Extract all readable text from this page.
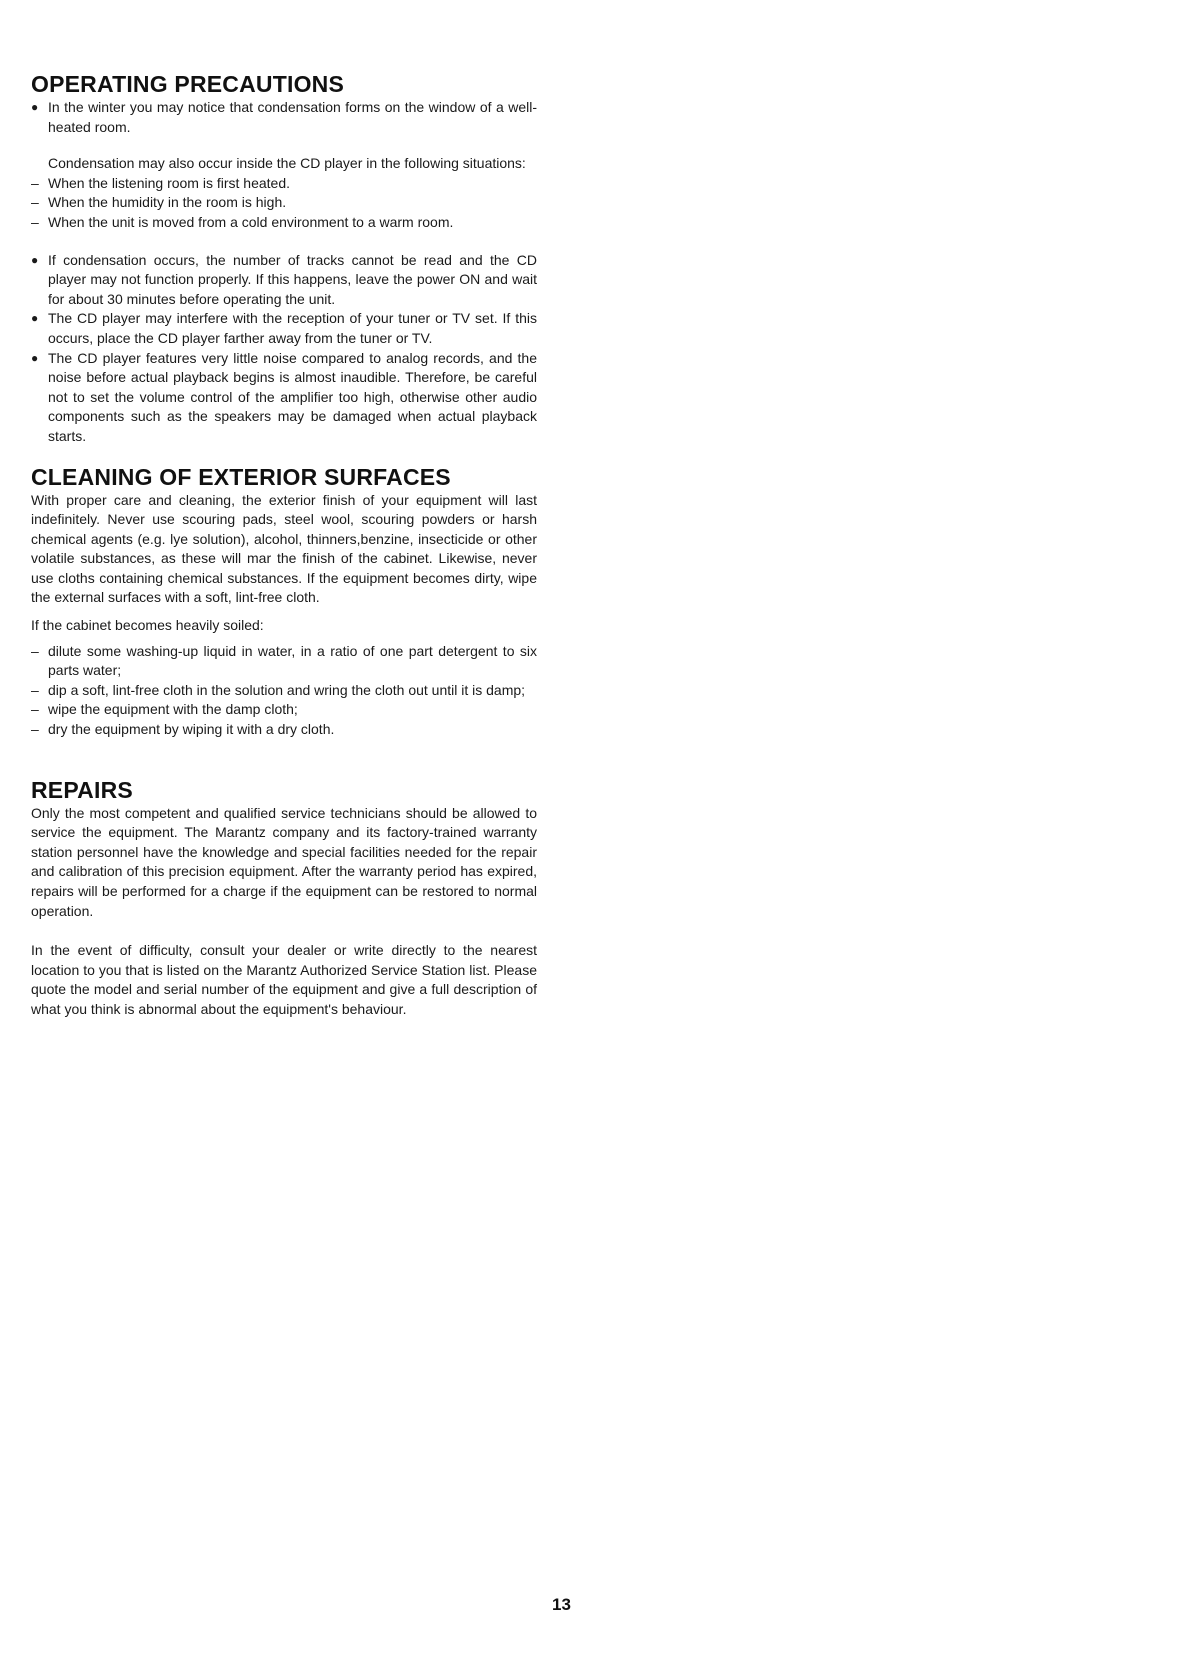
OPERATING PRECAUTIONS
● In the winter you may notice that condensation forms on the window of a well-heated room.

Condensation may also occur inside the CD player in the following situations:

– When the listening room is first heated.
– When the humidity in the room is high.
– When the unit is moved from a cold environment to a warm room.
● If condensation occurs, the number of tracks cannot be read and the CD player may not function properly. If this happens, leave the power ON and wait for about 30 minutes before operating the unit.
● The CD player may interfere with the reception of your tuner or TV set. If this occurs, place the CD player farther away from the tuner or TV.
● The CD player features very little noise compared to analog records, and the noise before actual playback begins is almost inaudible. Therefore, be careful not to set the volume control of the amplifier too high, otherwise other audio components such as the speakers may be damaged when actual playback starts.
CLEANING OF EXTERIOR SURFACES

With proper care and cleaning, the exterior finish of your equipment will last indefinitely. Never use scouring pads, steel wool, scouring powders or harsh chemical agents (e.g. lye solution), alcohol, thinners,benzine, insecticide or other volatile substances, as these will mar the finish of the cabinet. Likewise, never use cloths containing chemical substances. If the equipment becomes dirty, wipe the external surfaces with a soft, lint-free cloth.

If the cabinet becomes heavily soiled:

– dilute some washing-up liquid in water, in a ratio of one part detergent to six parts water;
– dip a soft, lint-free cloth in the solution and wring the cloth out until it is damp;
– wipe the equipment with the damp cloth;
– dry the equipment by wiping it with a dry cloth.
REPAIRS

Only the most competent and qualified service technicians should be allowed to service the equipment. The Marantz company and its factory-trained warranty station personnel have the knowledge and special facilities needed for the repair and calibration of this precision equipment. After the warranty period has expired, repairs will be performed for a charge if the equipment can be restored to normal operation.

In the event of difficulty, consult your dealer or write directly to the nearest location to you that is listed on the Marantz Authorized Service Station list. Please quote the model and serial number of the equipment and give a full description of what you think is abnormal about the equipment's behaviour.

13
